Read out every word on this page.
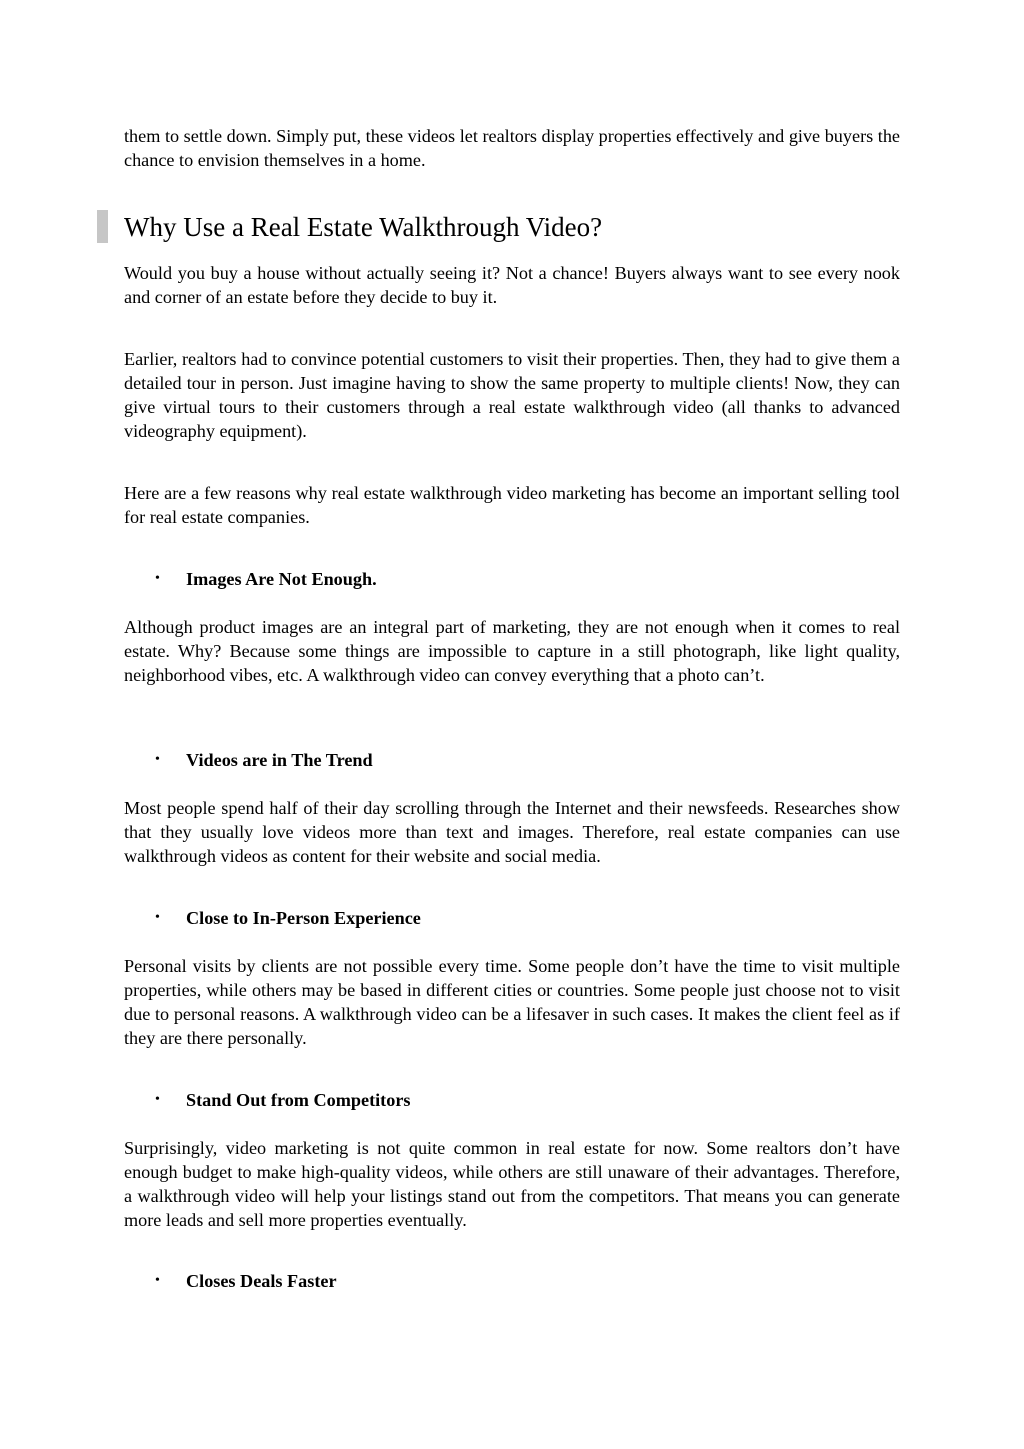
them to settle down. Simply put, these videos let realtors display properties effectively and give buyers the chance to envision themselves in a home.

Why Use a Real Estate Walkthrough Video?

Would you buy a house without actually seeing it? Not a chance! Buyers always want to see every nook and corner of an estate before they decide to buy it.

Earlier, realtors had to convince potential customers to visit their properties. Then, they had to give them a detailed tour in person. Just imagine having to show the same property to multiple clients! Now, they can give virtual tours to their customers through a real estate walkthrough video (all thanks to advanced videography equipment).

Here are a few reasons why real estate walkthrough video marketing has become an important selling tool for real estate companies.

• Images Are Not Enough.

Although product images are an integral part of marketing, they are not enough when it comes to real estate. Why? Because some things are impossible to capture in a still photograph, like light quality, neighborhood vibes, etc. A walkthrough video can convey everything that a photo can’t.

• Videos are in The Trend

Most people spend half of their day scrolling through the Internet and their newsfeeds. Researches show that they usually love videos more than text and images. Therefore, real estate companies can use walkthrough videos as content for their website and social media.

• Close to In-Person Experience

Personal visits by clients are not possible every time. Some people don’t have the time to visit multiple properties, while others may be based in different cities or countries. Some people just choose not to visit due to personal reasons. A walkthrough video can be a lifesaver in such cases. It makes the client feel as if they are there personally.

• Stand Out from Competitors

Surprisingly, video marketing is not quite common in real estate for now. Some realtors don’t have enough budget to make high-quality videos, while others are still unaware of their advantages. Therefore, a walkthrough video will help your listings stand out from the competitors. That means you can generate more leads and sell more properties eventually.

• Closes Deals Faster
